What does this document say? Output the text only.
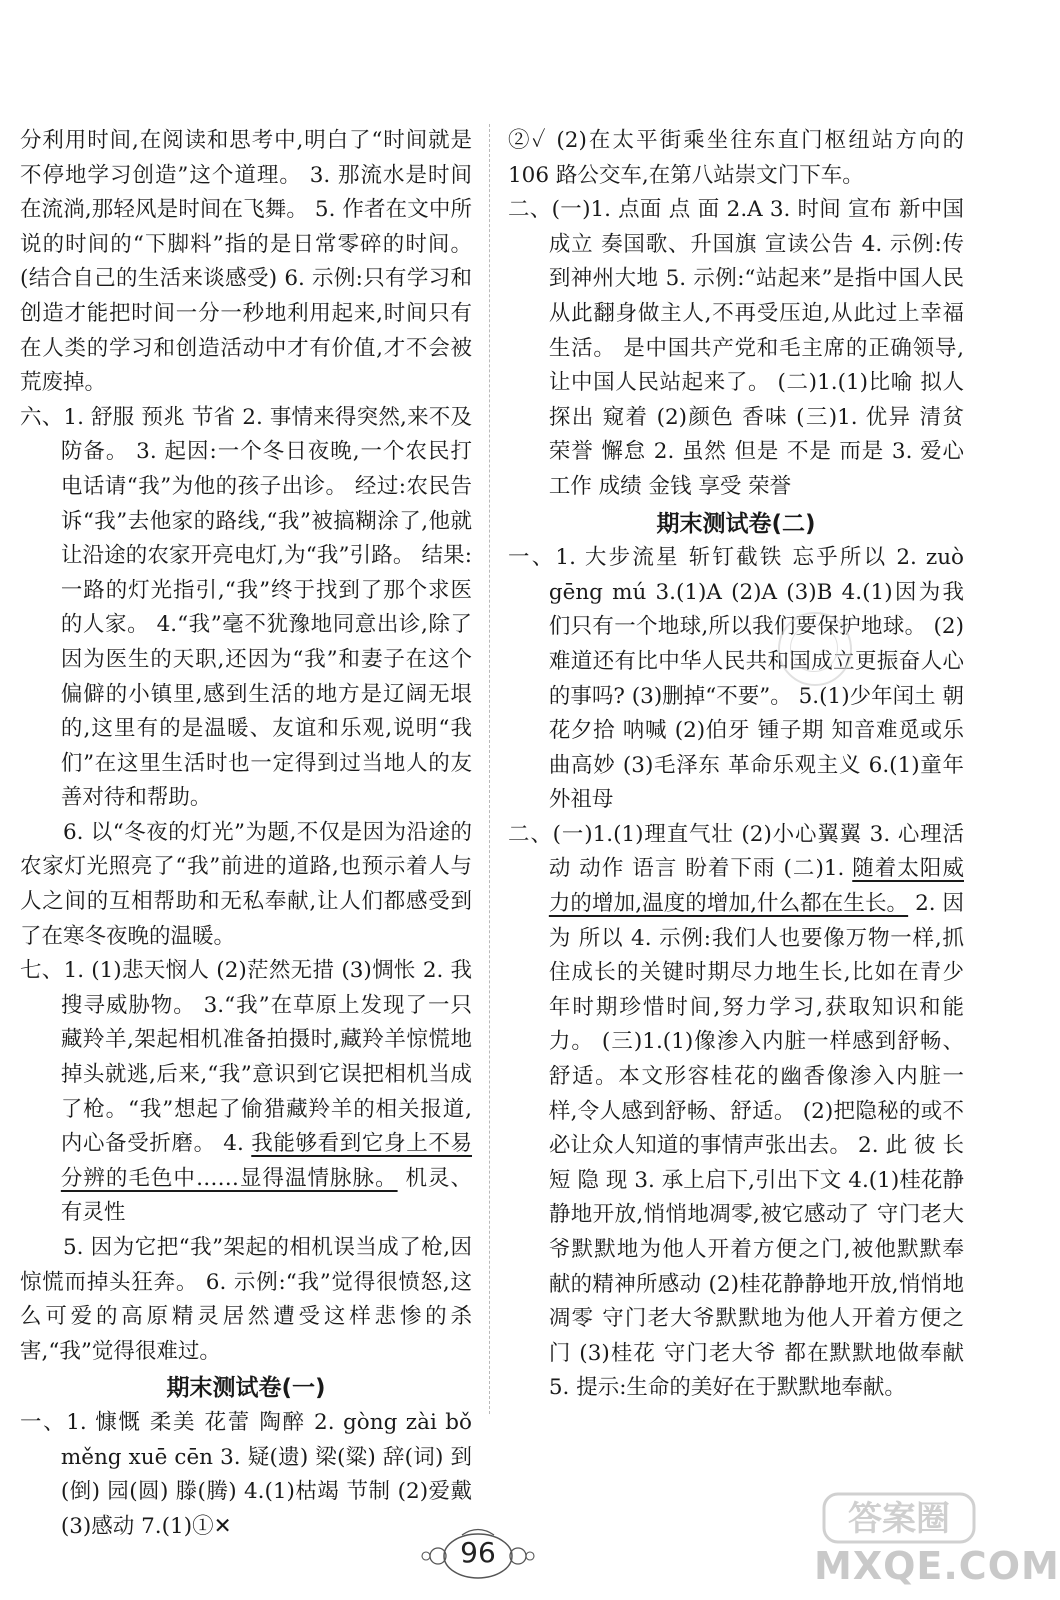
分利用时间,在阅读和思考中,明白了“时间就是不停地学习创造”这个道理。 3. 那流水是时间在流淌,那轻风是时间在飞舞。 5. 作者在文中所说的时间的“下脚料”指的是日常零碎的时间。(结合自己的生活来谈感受) 6. 示例:只有学习和创造才能把时间一分一秒地利用起来,时间只有在人类的学习和创造活动中才有价值,才不会被荒废掉。

六、1. 舒服 预兆 节省 2. 事情来得突然,来不及防备。 3. 起因:一个冬日夜晚,一个农民打电话请“我”为他的孩子出诊。 经过:农民告诉“我”去他家的路线,“我”被搞糊涂了,他就让沿途的农家开亮电灯,为“我”引路。 结果:一路的灯光指引,“我”终于找到了那个求医的人家。 4.“我”毫不犹豫地同意出诊,除了因为医生的天职,还因为“我”和妻子在这个偏僻的小镇里,感到生活的地方是辽阔无垠的,这里有的是温暖、友谊和乐观,说明“我们”在这里生活时也一定得到过当地人的友善对待和帮助。

6. 以“冬夜的灯光”为题,不仅是因为沿途的农家灯光照亮了“我”前进的道路,也预示着人与人之间的互相帮助和无私奉献,让人们都感受到了在寒冬夜晚的温暖。

七、1. (1)悲天悯人 (2)茫然无措 (3)惆怅 2. 我搜寻威胁物。 3.“我”在草原上发现了一只藏羚羊,架起相机准备拍摄时,藏羚羊惊慌地掉头就逃,后来,“我”意识到它误把相机当成了枪。“我”想起了偷猎藏羚羊的相关报道,内心备受折磨。 4. 我能够看到它身上不易分辨的毛色中……显得温情脉脉。 机灵、有灵性

5. 因为它把“我”架起的相机误当成了枪,因惊慌而掉头狂奔。 6. 示例:“我”觉得很愤怒,这么可爱的高原精灵居然遭受这样悲惨的杀害,“我”觉得很难过。

期末测试卷(一)

一、1. 慷慨 柔美 花蕾 陶醉 2. gòng zài bǒ měng xuē cēn 3. 疑(遗) 梁(粱) 辞(词) 到(倒) 园(圆) 滕(腾) 4.(1)枯竭 节制 (2)爱戴 (3)感动 7.(1)①✕

②✓ (2)在太平街乘坐往东直门枢纽站方向的 106 路公交车,在第八站崇文门下车。

二、(一)1. 点面 点 面 2.A 3. 时间 宣布 新中国成立 奏国歌、升国旗 宣读公告 4. 示例:传到神州大地 5. 示例:“站起来”是指中国人民从此翻身做主人,不再受压迫,从此过上幸福生活。 是中国共产党和毛主席的正确领导,让中国人民站起来了。 (二)1.(1)比喻 拟人 探出 窥着 (2)颜色 香味 (三)1. 优异 清贫 荣誉 懈怠 2. 虽然 但是 不是 而是 3. 爱心 工作 成绩 金钱 享受 荣誉

期末测试卷(二)

一、1. 大步流星 斩钉截铁 忘乎所以 2. zuò gēng mú 3.(1)A (2)A (3)B 4.(1)因为我们只有一个地球,所以我们要保护地球。 (2)难道还有比中华人民共和国成立更振奋人心的事吗? (3)删掉“不要”。 5.(1)少年闰土 朝花夕拾 呐喊 (2)伯牙 锺子期 知音难觅或乐曲高妙 (3)毛泽东 革命乐观主义 6.(1)童年 外祖母

二、(一)1.(1)理直气壮 (2)小心翼翼 3. 心理活动 动作 语言 盼着下雨 (二)1. 随着太阳威力的增加,温度的增加,什么都在生长。 2. 因为 所以 4. 示例:我们人也要像万物一样,抓住成长的关键时期尽力地生长,比如在青少年时期珍惜时间,努力学习,获取知识和能力。 (三)1.(1)像渗入内脏一样感到舒畅、舒适。本文形容桂花的幽香像渗入内脏一样,令人感到舒畅、舒适。 (2)把隐秘的或不必让众人知道的事情声张出去。 2. 此 彼 长 短 隐 现 3. 承上启下,引出下文 4.(1)桂花静静地开放,悄悄地凋零,被它感动了 守门老大爷默默地为他人开着方便之门,被他默默奉献的精神所感动 (2)桂花静静地开放,悄悄地凋零 守门老大爷默默地为他人开着方便之门 (3)桂花 守门老大爷 都在默默地做奉献 5. 提示:生命的美好在于默默地奉献。

96
答案圈
MXQE.COM
